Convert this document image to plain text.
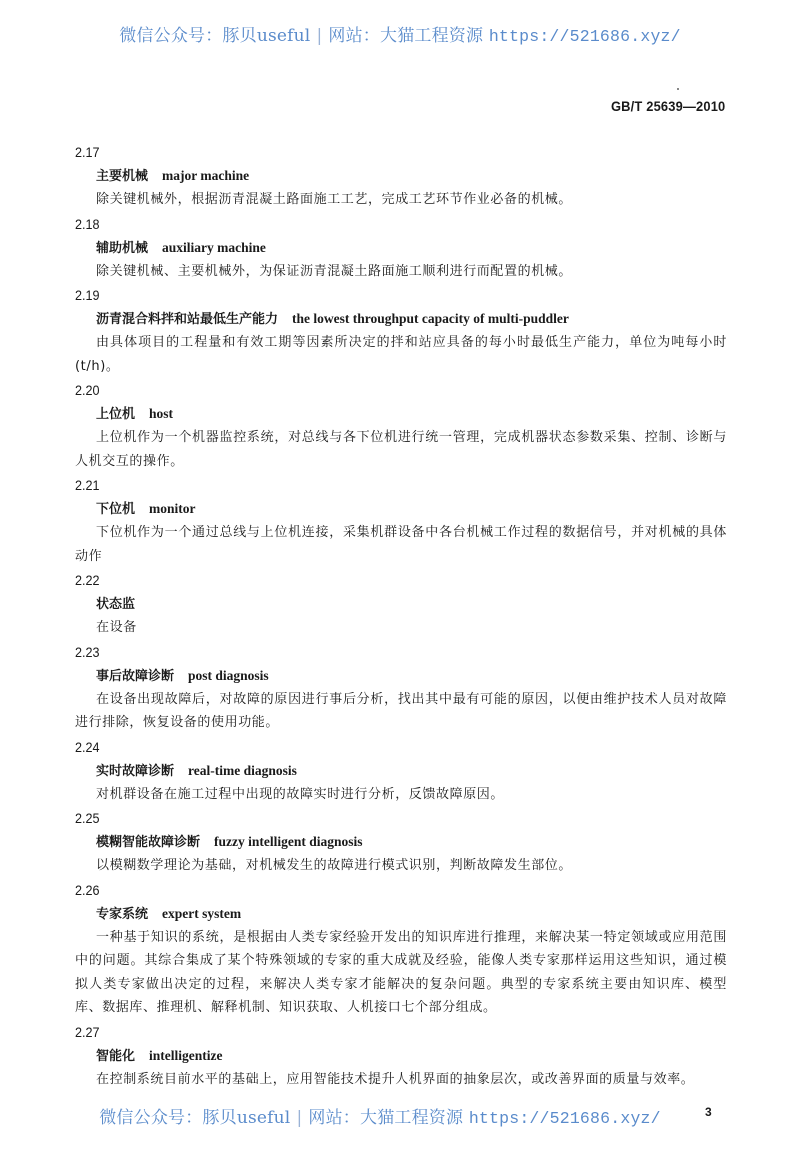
微信公众号：豚贝useful | 网站：大猫工程资源 https://521686.xyz/
GB/T 25639—2010
2.17
主要机械 major machine
除关键机械外，根据沥青混凝土路面施工工艺，完成工艺环节作业必备的机械。
2.18
辅助机械 auxiliary machine
除关键机械、主要机械外，为保证沥青混凝土路面施工顺利进行而配置的机械。
2.19
沥青混合料拌和站最低生产能力 the lowest throughput capacity of multi-puddler
由具体项目的工程量和有效工期等因素所决定的拌和站应具备的每小时最低生产能力，单位为吨每小时(t/h)。
2.20
上位机 host
上位机作为一个机器监控系统，对总线与各下位机进行统一管理，完成机器状态参数采集、控制、诊断与人机交互的操作。
2.21
下位机 monitor
下位机作为一个通过总线与上位机连接，采集机群设备中各台机械工作过程的数据信号，并对机械的具体动作
2.22
状态监
在设备
2.23
事后故障诊断 post diagnosis
在设备出现故障后，对故障的原因进行事后分析，找出其中最有可能的原因，以便由维护技术人员对故障进行排除，恢复设备的使用功能。
2.24
实时故障诊断 real-time diagnosis
对机群设备在施工过程中出现的故障实时进行分析，反馈故障原因。
2.25
模糊智能故障诊断 fuzzy intelligent diagnosis
以模糊数学理论为基础，对机械发生的故障进行模式识别，判断故障发生部位。
2.26
专家系统 expert system
一种基于知识的系统，是根据由人类专家经验开发出的知识库进行推理，来解决某一特定领域或应用范围中的问题。其综合集成了某个特殊领域的专家的重大成就及经验，能像人类专家那样运用这些知识，通过模拟人类专家做出决定的过程，来解决人类专家才能解决的复杂问题。典型的专家系统主要由知识库、模型库、数据库、推理机、解释机制、知识获取、人机接口七个部分组成。
2.27
智能化 intelligentize
在控制系统目前水平的基础上，应用智能技术提升人机界面的抽象层次，或改善界面的质量与效率。
微信公众号：豚贝useful | 网站：大猫工程资源 https://521686.xyz/	3
